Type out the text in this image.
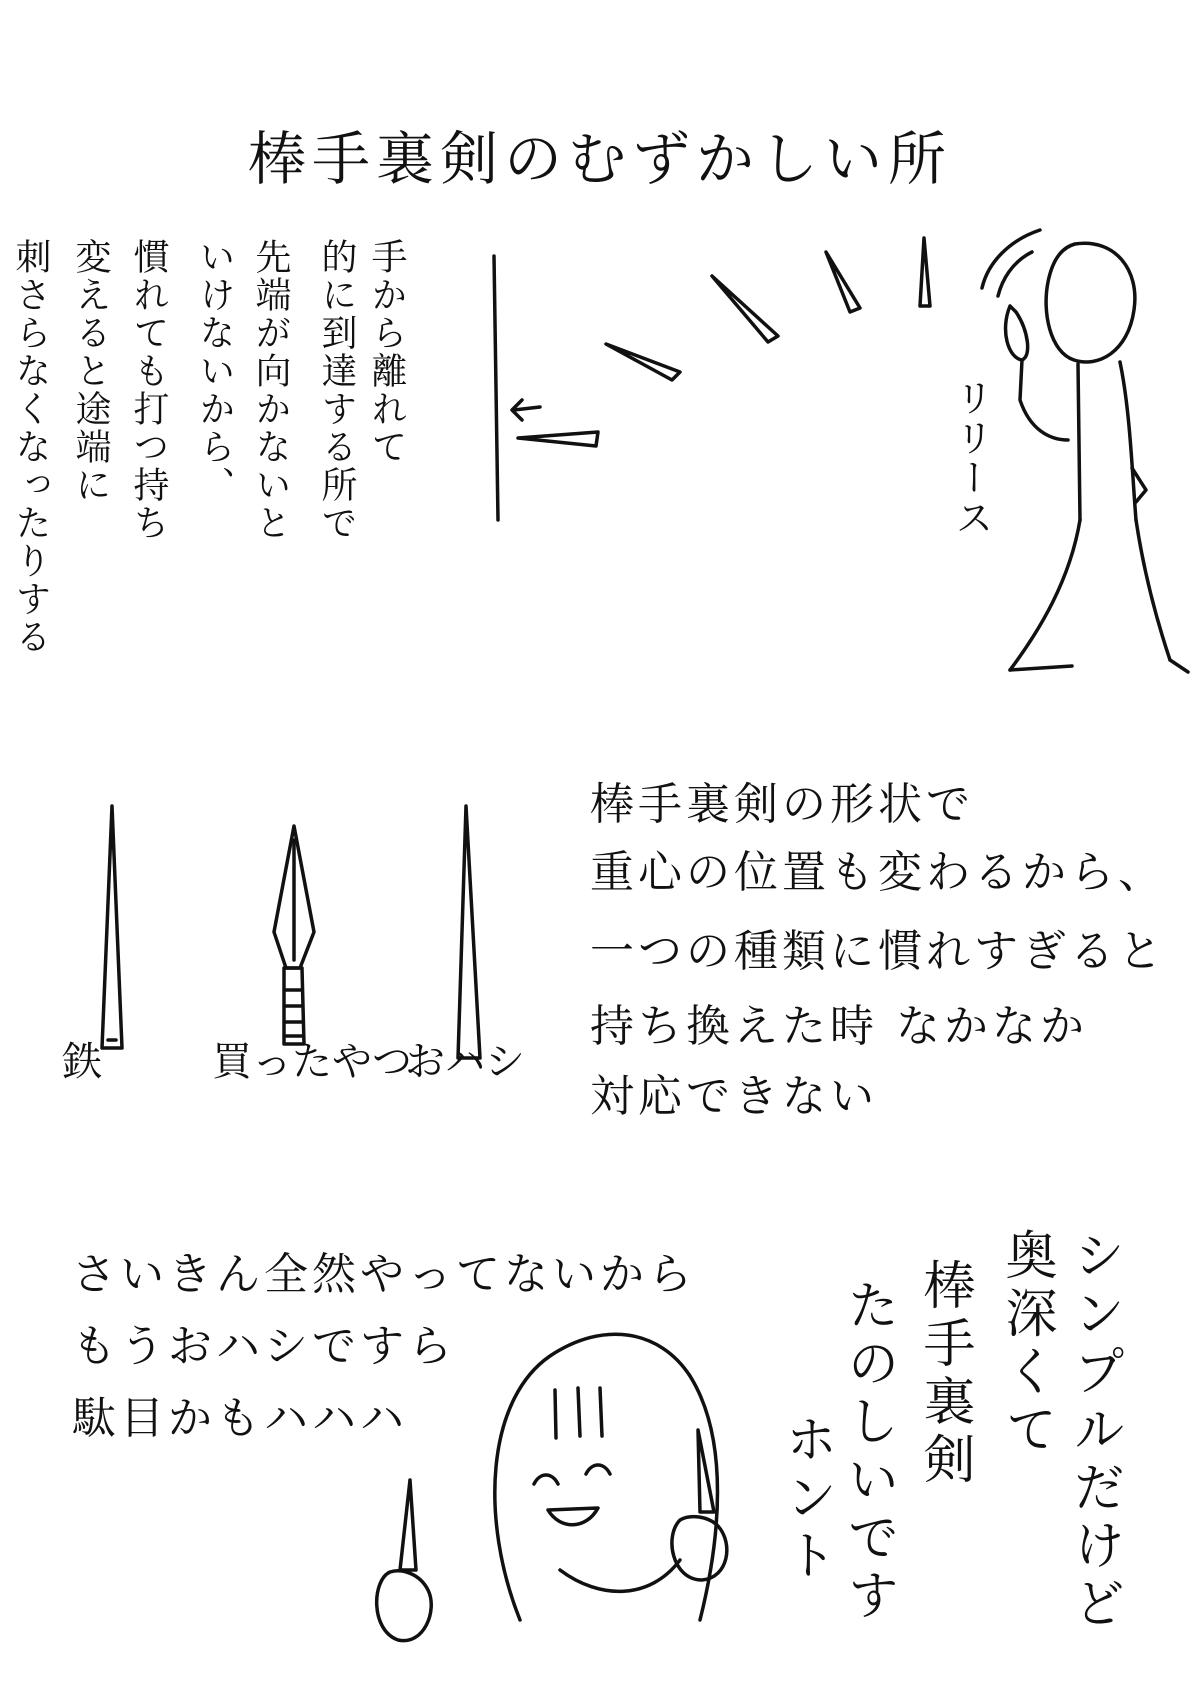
棒手裏剣のむずかしい所
手から離れて
的に到達する所で
先端が向かないと
いけないから、
慣れても打つ持ち
変えると途端に
刺さらなくなったりする	リリース
鉄	買ったやつ
おハシ
棒手裏剣の形状で
重心の位置も変わるから、
一つの種類に慣れすぎると
持ち換えた時 なかなか
対応できない
さいきん全然やってないから
もうおハシですら
駄目かもハハハ	シンプルだけど
奥深くて
棒手裏剣
たのしいです
ホント
